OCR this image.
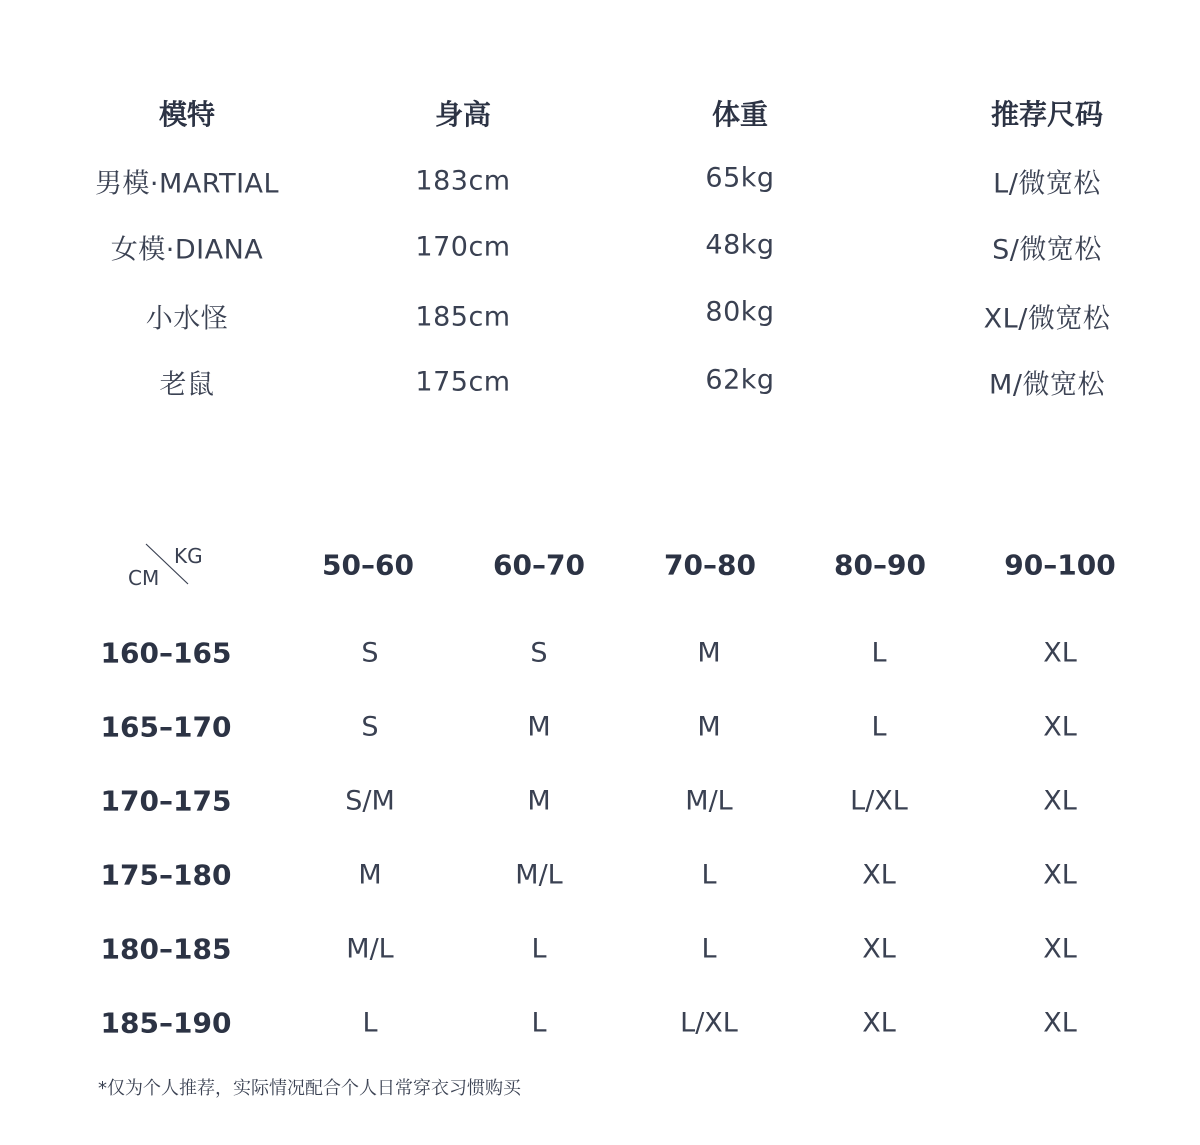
模特	身高	体重	推荐尺码
男模·MARTIAL	183cm	65kg	L/微宽松
女模·DIANA	170cm	48kg	S/微宽松
小水怪	185cm	80kg	XL/微宽松
老鼠	175cm	62kg	M/微宽松
KG
CM	50–60	60–70	70–80	80–90	90–100
160–165	S	S	M	L	XL
165–170	S	M	M	L	XL
170–175	S/M	M	M/L	L/XL	XL
175–180	M	M/L	L	XL	XL
180–185	M/L	L	L	XL	XL
185–190	L	L	L/XL	XL	XL
*仅为个人推荐，实际情况配合个人日常穿衣习惯购买
